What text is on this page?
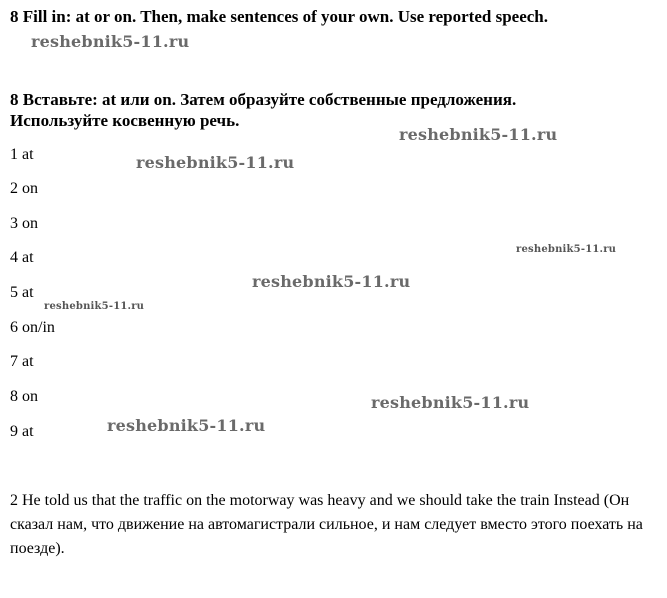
8 Fill in: at or on. Then, make sentences of your own. Use reported speech.
reshebnik5-11.ru
8 Вставьте: at или on. Затем образуйте собственные предложения.
Используйте косвенную речь.
reshebnik5-11.ru
1 at	reshebnik5-11.ru
2 on
3 on
4 at	reshebnik5-11.ru
reshebnik5-11.ru
5 at
reshebnik5-11.ru
6 on/in
7 at
8 on	reshebnik5-11.ru
9 at	reshebnik5-11.ru
2 He told us that the traffic on the motorway was heavy and we should take the train Instead (Он сказал нам, что движение на автомагистрали сильное, и нам следует вместо этого поехать на поезде).
